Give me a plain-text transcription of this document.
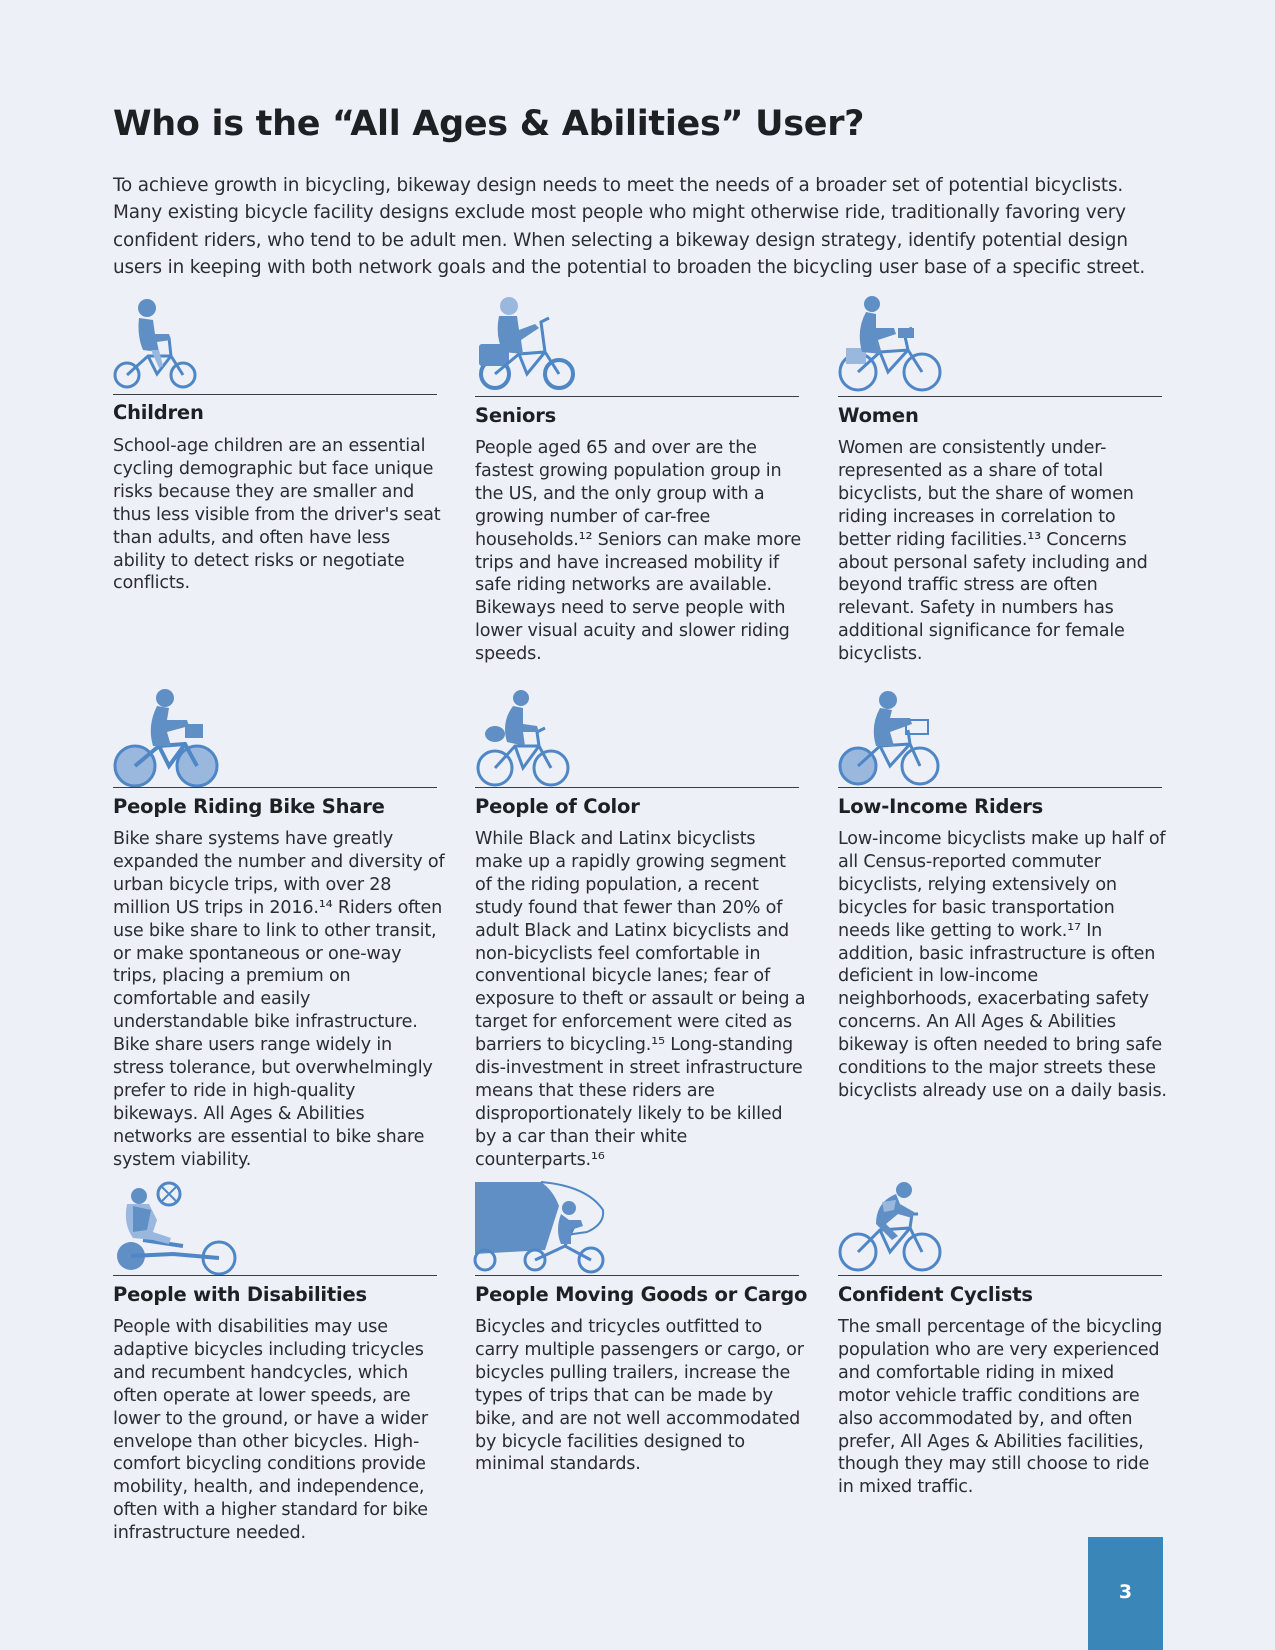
Who is the “All Ages & Abilities” User?

To achieve growth in bicycling, bikeway design needs to meet the needs of a broader set of potential bicyclists. Many existing bicycle facility designs exclude most people who might otherwise ride, traditionally favoring very confident riders, who tend to be adult men. When selecting a bikeway design strategy, identify potential design users in keeping with both network goals and the potential to broaden the bicycling user base of a specific street.

Children

School-age children are an essential cycling demographic but face unique risks because they are smaller and thus less visible from the driver's seat than adults, and often have less ability to detect risks or negotiate conflicts.

Seniors

People aged 65 and over are the fastest growing population group in the US, and the only group with a growing number of car-free households.¹² Seniors can make more trips and have increased mobility if safe riding networks are available. Bikeways need to serve people with lower visual acuity and slower riding speeds.

Women

Women are consistently under-represented as a share of total bicyclists, but the share of women riding increases in correlation to better riding facilities.¹³ Concerns about personal safety including and beyond traffic stress are often relevant. Safety in numbers has additional significance for female bicyclists.

People Riding Bike Share

Bike share systems have greatly expanded the number and diversity of urban bicycle trips, with over 28 million US trips in 2016.¹⁴ Riders often use bike share to link to other transit, or make spontaneous or one-way trips, placing a premium on comfortable and easily understandable bike infrastructure. Bike share users range widely in stress tolerance, but overwhelmingly prefer to ride in high-quality bikeways. All Ages & Abilities networks are essential to bike share system viability.

People of Color

While Black and Latinx bicyclists make up a rapidly growing segment of the riding population, a recent study found that fewer than 20% of adult Black and Latinx bicyclists and non-bicyclists feel comfortable in conventional bicycle lanes; fear of exposure to theft or assault or being a target for enforcement were cited as barriers to bicycling.¹⁵ Long-standing dis-investment in street infrastructure means that these riders are disproportionately likely to be killed by a car than their white counterparts.¹⁶

Low-Income Riders

Low-income bicyclists make up half of all Census-reported commuter bicyclists, relying extensively on bicycles for basic transportation needs like getting to work.¹⁷ In addition, basic infrastructure is often deficient in low-income neighborhoods, exacerbating safety concerns. An All Ages & Abilities bikeway is often needed to bring safe conditions to the major streets these bicyclists already use on a daily basis.

People with Disabilities

People with disabilities may use adaptive bicycles including tricycles and recumbent handcycles, which often operate at lower speeds, are lower to the ground, or have a wider envelope than other bicycles. High-comfort bicycling conditions provide mobility, health, and independence, often with a higher standard for bike infrastructure needed.

People Moving Goods or Cargo

Bicycles and tricycles outfitted to carry multiple passengers or cargo, or bicycles pulling trailers, increase the types of trips that can be made by bike, and are not well accommodated by bicycle facilities designed to minimal standards.

Confident Cyclists

The small percentage of the bicycling population who are very experienced and comfortable riding in mixed motor vehicle traffic conditions are also accommodated by, and often prefer, All Ages & Abilities facilities, though they may still choose to ride in mixed traffic.

3
